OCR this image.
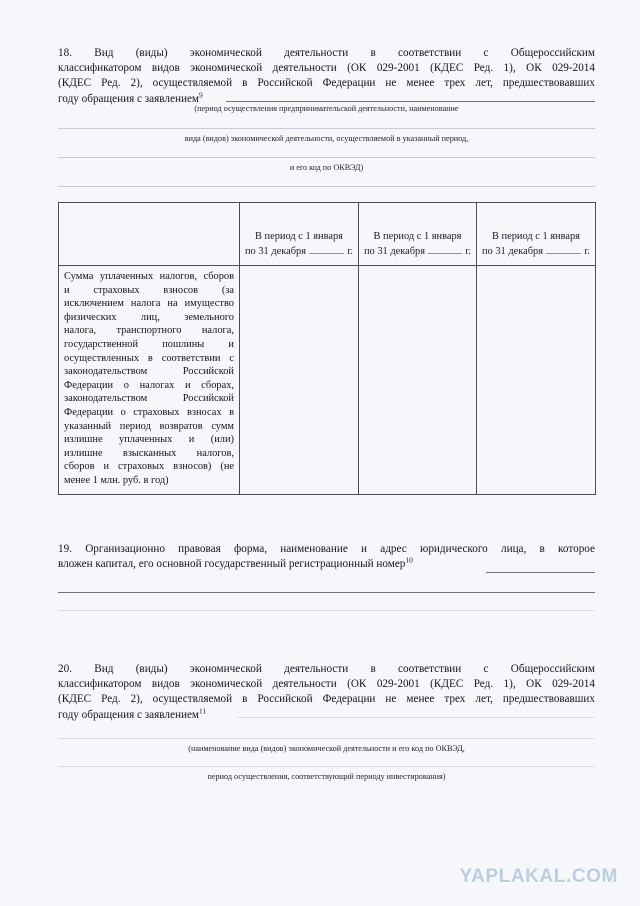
18. Вид (виды) экономической деятельности в соответствии с Общероссийским
классификатором видов экономической деятельности (ОК 029-2001 (КДЕС Ред. 1), ОК 029-2014
(КДЕС Ред. 2), осуществляемой в Российской Федерации не менее трех лет, предшествовавших
году обращения с заявлением$^9$
(период осуществления предпринимательской деятельности, наименование
вида (видов) экономической деятельности, осуществляемой в указанный период,
и его код по ОКВЭД)

	В период с 1 января
по 31 декабря г.	В период с 1 января
по 31 декабря г.	В период с 1 января
по 31 декабря г.

Сумма уплаченных налогов, сборов
и страховых взносов (за
исключением налога на имущество
физических лиц, земельного
налога, транспортного налога,
государственной пошлины и
осуществленных в соответствии с
законодательством Российской
Федерации о налогах и сборах,
законодательством Российской
Федерации о страховых взносах в
указанный период возвратов сумм
излишне уплаченных и (или)
излишне взысканных налогов,
сборов и страховых взносов) (не
менее 1 млн. руб. в год)

19. Организационно правовая форма, наименование и адрес юридического лица, в которое
вложен капитал, его основной государственный регистрационный номер$^{10}$
20. Вид (виды) экономической деятельности в соответствии с Общероссийским
классификатором видов экономической деятельности (ОК 029-2001 (КДЕС Ред. 1), ОК 029-2014
(КДЕС Ред. 2), осуществляемой в Российской Федерации не менее трех лет, предшествовавших
году обращения с заявлением$^{11}$
(наименование вида (видов) экономической деятельности и его код по ОКВЭД,
период осуществления, соответствующий периоду инвестирования)
YAPLAKAL.COM
